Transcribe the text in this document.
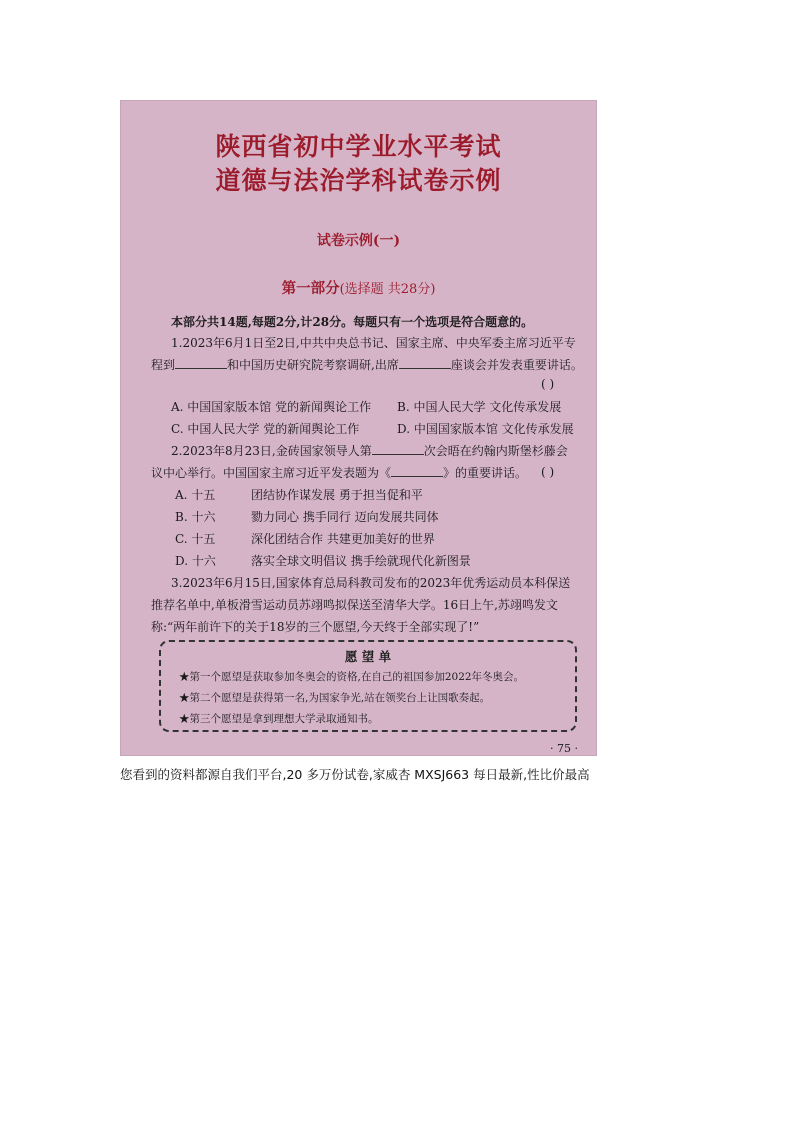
陕西省初中学业水平考试
道德与法治学科试卷示例
试卷示例(一)
第一部分(选择题 共28分)
本部分共14题,每题2分,计28分。每题只有一个选项是符合题意的。
1.2023年6月1日至2日,中共中央总书记、国家主席、中央军委主席习近平专
程到	和中国历史研究院考察调研,出席	座谈会并发表重要讲话。
( )
A. 中国国家版本馆 党的新闻舆论工作 B. 中国人民大学 文化传承发展
C. 中国人民大学 党的新闻舆论工作	D. 中国国家版本馆 文化传承发展
2.2023年8月23日,金砖国家领导人第	次会晤在约翰内斯堡杉藤会
议中心举行。中国国家主席习近平发表题为《	》的重要讲话。 ( )
A. 十五	团结协作谋发展 勇于担当促和平
B. 十六	勠力同心 携手同行 迈向发展共同体
C. 十五	深化团结合作 共建更加美好的世界
D. 十六	落实全球文明倡议 携手绘就现代化新图景
3.2023年6月15日,国家体育总局科教司发布的2023年优秀运动员本科保送
推荐名单中,单板滑雪运动员苏翊鸣拟保送至清华大学。16日上午,苏翊鸣发文
称:“两年前许下的关于18岁的三个愿望,今天终于全部实现了!”
愿 望 单
★第一个愿望是获取参加冬奥会的资格,在自己的祖国参加2022年冬奥会。
★第二个愿望是获得第一名,为国家争光,站在领奖台上让国歌奏起。
★第三个愿望是拿到理想大学录取通知书。
· 75 ·
您看到的资料都源自我们平台,20 多万份试卷,家威杏 MXSJ663 每日最新,性比价最高
